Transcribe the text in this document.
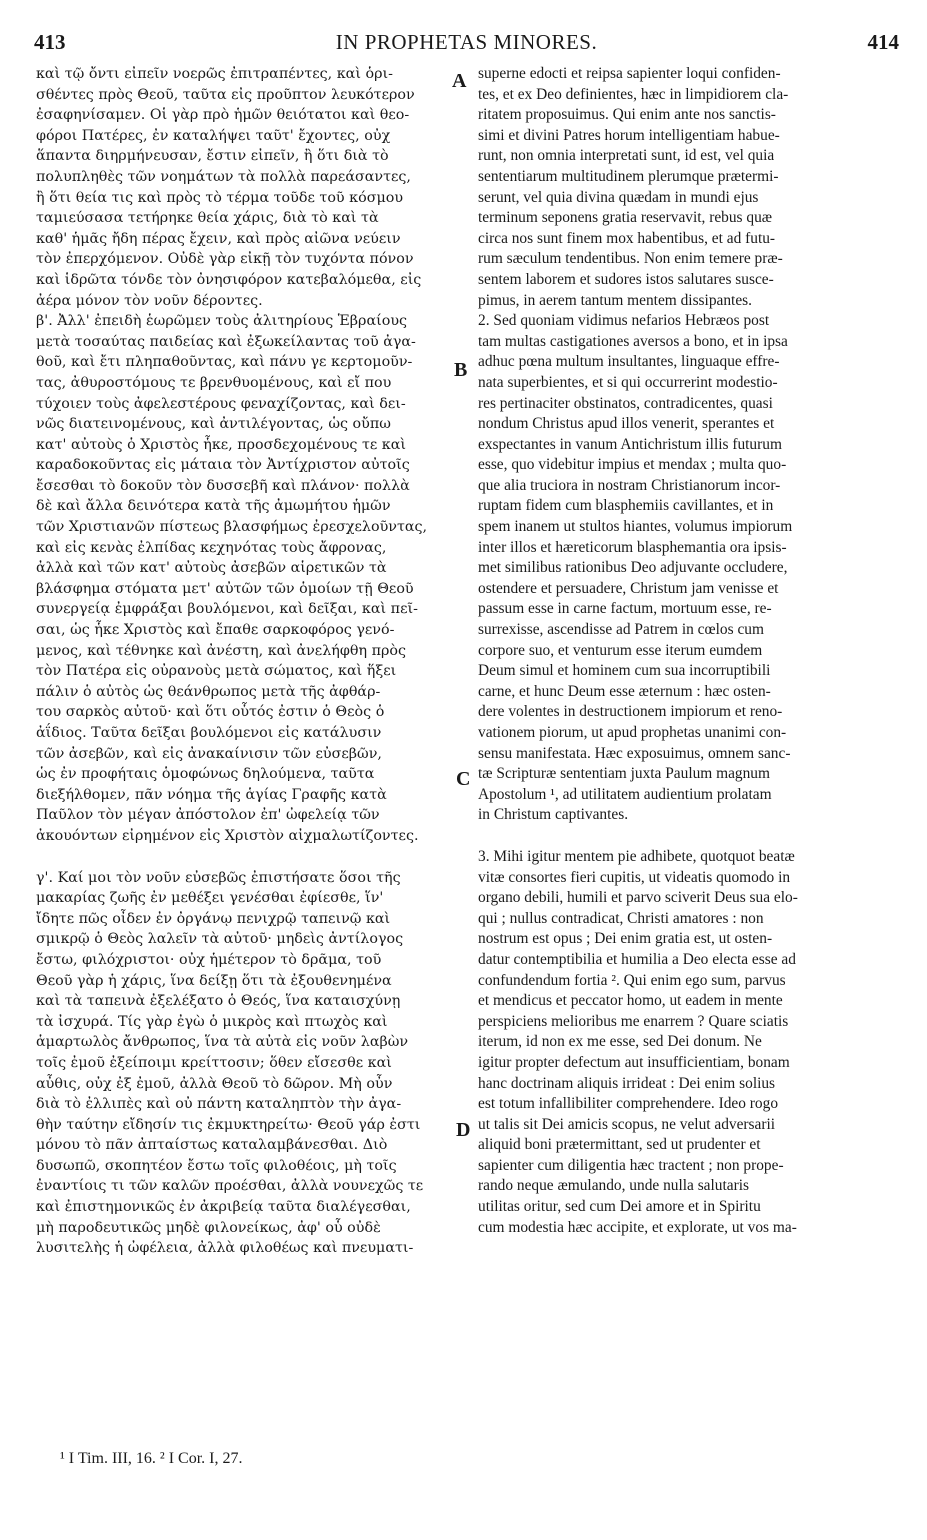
413	IN PROPHETAS MINORES.	414
A
B
C
D
καὶ τῷ ὄντι εἰπεῖν νοερῶς ἐπιτραπέντες, καὶ ὁρι-
σθέντες πρὸς Θεοῦ, ταῦτα εἰς προῦπτον λευκότερον
ἐσαφηνίσαμεν. Οἱ γὰρ πρὸ ἡμῶν θειότατοι καὶ θεο-
φόροι Πατέρες, ἐν καταλήψει ταῦτ' ἔχοντες, οὐχ
ἅπαντα διηρμήνευσαν, ἔστιν εἰπεῖν, ἢ ὅτι διὰ τὸ
πολυπληθὲς τῶν νοημάτων τὰ πολλὰ παρεάσαντες,
ἢ ὅτι θεία τις καὶ πρὸς τὸ τέρμα τοῦδε τοῦ κόσμου
ταμιεύσασα τετήρηκε θεία χάρις, διὰ τὸ καὶ τὰ
καθ' ἡμᾶς ἤδη πέρας ἔχειν, καὶ πρὸς αἰῶνα νεύειν
τὸν ἐπερχόμενον. Οὐδὲ γὰρ εἰκῇ τὸν τυχόντα πόνον
καὶ ἱδρῶτα τόνδε τὸν ὀνησιφόρον κατεβαλόμεθα, εἰς
ἀέρα μόνον τὸν νοῦν δέροντες.
β'. Ἀλλ' ἐπειδὴ ἑωρῶμεν τοὺς ἀλιτηρίους Ἑβραίους
μετὰ τοσαύτας παιδείας καὶ ἐξωκείλαντας τοῦ ἀγα-
θοῦ, καὶ ἔτι πληπαθοῦντας, καὶ πάνυ γε κερτομοῦν-
τας, ἀθυροστόμους τε βρενθυομένους, καὶ εἴ που
τύχοιεν τοὺς ἀφελεστέρους φεναχίζοντας, καὶ δει-
νῶς διατεινομένους, καὶ ἀντιλέγοντας, ὡς οὔπω
κατ' αὐτοὺς ὁ Χριστὸς ἧκε, προσδεχομένους τε καὶ
καραδοκοῦντας εἰς μάταια τὸν Ἀντίχριστον αὐτοῖς
ἔσεσθαι τὸ δοκοῦν τὸν δυσσεβῆ καὶ πλάνον· πολλὰ
δὲ καὶ ἄλλα δεινότερα κατὰ τῆς ἀμωμήτου ἡμῶν
τῶν Χριστιανῶν πίστεως βλασφήμως ἐρεσχελοῦντας,
καὶ εἰς κενὰς ἐλπίδας κεχηνότας τοὺς ἄφρονας,
ἀλλὰ καὶ τῶν κατ' αὐτοὺς ἀσεβῶν αἱρετικῶν τὰ
βλάσφημα στόματα μετ' αὐτῶν τῶν ὁμοίων τῇ Θεοῦ
συνεργείᾳ ἐμφράξαι βουλόμενοι, καὶ δεῖξαι, καὶ πεῖ-
σαι, ὡς ἧκε Χριστὸς καὶ ἔπαθε σαρκοφόρος γενό-
μενος, καὶ τέθνηκε καὶ ἀνέστη, καὶ ἀνελήφθη πρὸς
τὸν Πατέρα εἰς οὐρανοὺς μετὰ σώματος, καὶ ἥξει
πάλιν ὁ αὐτὸς ὡς θεάνθρωπος μετὰ τῆς ἀφθάρ-
του σαρκὸς αὐτοῦ· καὶ ὅτι οὗτός ἐστιν ὁ Θεὸς ὁ
ἀΐδιος. Ταῦτα δεῖξαι βουλόμενοι εἰς κατάλυσιν
τῶν ἀσεβῶν, καὶ εἰς ἀνακαίνισιν τῶν εὐσεβῶν,
ὡς ἐν προφήταις ὁμοφώνως δηλούμενα, ταῦτα
διεξήλθομεν, πᾶν νόημα τῆς ἁγίας Γραφῆς κατὰ
Παῦλον τὸν μέγαν ἀπόστολον ἐπ' ὠφελείᾳ τῶν
ἀκουόντων εἰρημένον εἰς Χριστὸν αἰχμαλωτίζοντες.
γ'. Καί μοι τὸν νοῦν εὐσεβῶς ἐπιστήσατε ὅσοι τῆς
μακαρίας ζωῆς ἐν μεθέξει γενέσθαι ἐφίεσθε, ἵν'
ἴδητε πῶς οἶδεν ἐν ὀργάνῳ πενιχρῷ ταπεινῷ καὶ
σμικρῷ ὁ Θεὸς λαλεῖν τὰ αὐτοῦ· μηδεὶς ἀντίλογος
ἔστω, φιλόχριστοι· οὐχ ἡμέτερον τὸ δρᾶμα, τοῦ
Θεοῦ γὰρ ἡ χάρις, ἵνα δείξῃ ὅτι τὰ ἐξουθενημένα
καὶ τὰ ταπεινὰ ἐξελέξατο ὁ Θεός, ἵνα καταισχύνῃ
τὰ ἰσχυρά. Τίς γὰρ ἐγὼ ὁ μικρὸς καὶ πτωχὸς καὶ
ἁμαρτωλὸς ἄνθρωπος, ἵνα τὰ αὐτὰ εἰς νοῦν λαβὼν
τοῖς ἐμοῦ ἐξείποιμι κρείττοσιν; ὅθεν εἴσεσθε καὶ
αὖθις, οὐχ ἐξ ἐμοῦ, ἀλλὰ Θεοῦ τὸ δῶρον. Μὴ οὖν
διὰ τὸ ἐλλιπὲς καὶ οὐ πάντη καταληπτὸν τὴν ἀγα-
θὴν ταύτην εἴδησίν τις ἐκμυκτηρείτω· Θεοῦ γάρ ἐστι
μόνου τὸ πᾶν ἀπταίστως καταλαμβάνεσθαι. Διὸ
δυσωπῶ, σκοπητέον ἔστω τοῖς φιλοθέοις, μὴ τοῖς
ἐναντίοις τι τῶν καλῶν προέσθαι, ἀλλὰ νουνεχῶς τε
καὶ ἐπιστημονικῶς ἐν ἀκριβείᾳ ταῦτα διαλέγεσθαι,
μὴ παροδευτικῶς μηδὲ φιλονείκως, ἀφ' οὗ οὐδὲ
λυσιτελὴς ἡ ὠφέλεια, ἀλλὰ φιλοθέως καὶ πνευματι-
superne edocti et reipsa sapienter loqui confiden-
tes, et ex Deo definientes, hæc in limpidiorem cla-
ritatem proposuimus. Qui enim ante nos sanctis-
simi et divini Patres horum intelligentiam habue-
runt, non omnia interpretati sunt, id est, vel quia
sententiarum multitudinem plerumque prætermi-
serunt, vel quia divina quædam in mundi ejus
terminum seponens gratia reservavit, rebus quæ
circa nos sunt finem mox habentibus, et ad futu-
rum sæculum tendentibus. Non enim temere præ-
sentem laborem et sudores istos salutares susce-
pimus, in aerem tantum mentem dissipantes.
2. Sed quoniam vidimus nefarios Hebræos post
tam multas castigationes aversos a bono, et in ipsa
adhuc pœna multum insultantes, linguaque effre-
nata superbientes, et si qui occurrerint modestio-
res pertinaciter obstinatos, contradicentes, quasi
nondum Christus apud illos venerit, sperantes et
exspectantes in vanum Antichristum illis futurum
esse, quo videbitur impius et mendax ; multa quo-
que alia truciora in nostram Christianorum incor-
ruptam fidem cum blasphemiis cavillantes, et in
spem inanem ut stultos hiantes, volumus impiorum
inter illos et hæreticorum blasphemantia ora ipsis-
met similibus rationibus Deo adjuvante occludere,
ostendere et persuadere, Christum jam venisse et
passum esse in carne factum, mortuum esse, re-
surrexisse, ascendisse ad Patrem in cœlos cum
corpore suo, et venturum esse iterum eumdem
Deum simul et hominem cum sua incorruptibili
carne, et hunc Deum esse æternum : hæc osten-
dere volentes in destructionem impiorum et reno-
vationem piorum, ut apud prophetas unanimi con-
sensu manifestata. Hæc exposuimus, omnem sanc-
tæ Scripturæ sententiam juxta Paulum magnum
Apostolum ¹, ad utilitatem audientium prolatam
in Christum captivantes.
3. Mihi igitur mentem pie adhibete, quotquot beatæ
vitæ consortes fieri cupitis, ut videatis quomodo in
organo debili, humili et parvo sciverit Deus sua elo-
qui ; nullus contradicat, Christi amatores : non
nostrum est opus ; Dei enim gratia est, ut osten-
datur contemptibilia et humilia a Deo electa esse ad
confundendum fortia ². Qui enim ego sum, parvus
et mendicus et peccator homo, ut eadem in mente
perspiciens melioribus me enarrem ? Quare sciatis
iterum, id non ex me esse, sed Dei donum. Ne
igitur propter defectum aut insufficientiam, bonam
hanc doctrinam aliquis irrideat : Dei enim solius
est totum infallibiliter comprehendere. Ideo rogo
ut talis sit Dei amicis scopus, ne velut adversarii
aliquid boni prætermittant, sed ut prudenter et
sapienter cum diligentia hæc tractent ; non prope-
rando neque æmulando, unde nulla salutaris
utilitas oritur, sed cum Dei amore et in Spiritu
cum modestia hæc accipite, et explorate, ut vos ma-
¹ I Tim. III, 16. ² I Cor. I, 27.
